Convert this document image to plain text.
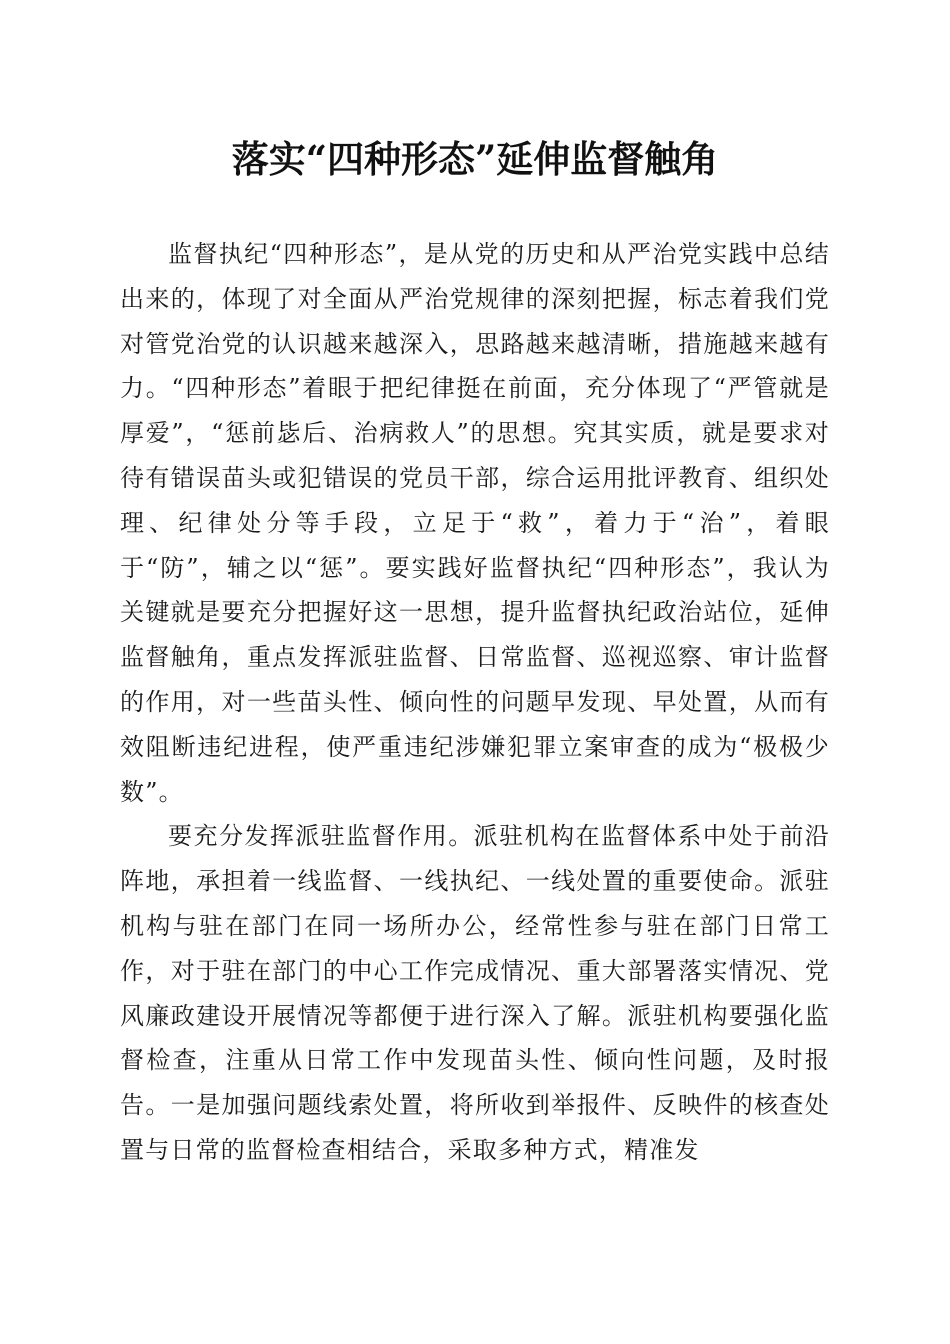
落实“四种形态”延伸监督触角

监督执纪“四种形态”，是从党的历史和从严治党实践中总结出来的，体现了对全面从严治党规律的深刻把握，标志着我们党对管党治党的认识越来越深入，思路越来越清晰，措施越来越有力。“四种形态”着眼于把纪律挺在前面，充分体现了“严管就是厚爱”，“惩前毖后、治病救人”的思想。究其实质，就是要求对待有错误苗头或犯错误的党员干部，综合运用批评教育、组织处理、纪律处分等手段，立足于“救”，着力于“治”，着眼于“防”，辅之以“惩”。要实践好监督执纪“四种形态”，我认为关键就是要充分把握好这一思想，提升监督执纪政治站位，延伸监督触角，重点发挥派驻监督、日常监督、巡视巡察、审计监督的作用，对一些苗头性、倾向性的问题早发现、早处置，从而有效阻断违纪进程，使严重违纪涉嫌犯罪立案审查的成为“极极少数”。

要充分发挥派驻监督作用。派驻机构在监督体系中处于前沿阵地，承担着一线监督、一线执纪、一线处置的重要使命。派驻机构与驻在部门在同一场所办公，经常性参与驻在部门日常工作，对于驻在部门的中心工作完成情况、重大部署落实情况、党风廉政建设开展情况等都便于进行深入了解。派驻机构要强化监督检查，注重从日常工作中发现苗头性、倾向性问题，及时报告。一是加强问题线索处置，将所收到举报件、反映件的核查处置与日常的监督检查相结合，采取多种方式，精准发
